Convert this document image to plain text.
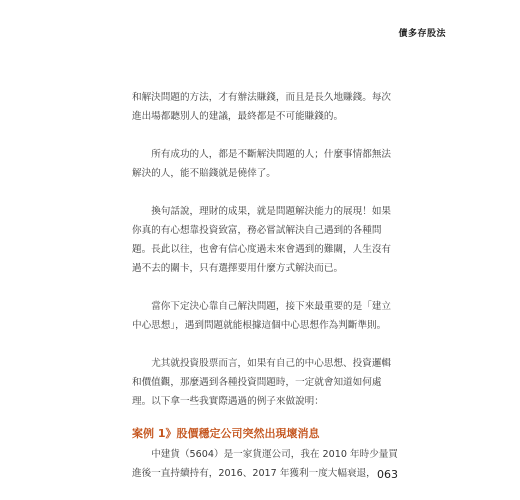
債多存股法

和解決問題的方法，才有辦法賺錢，而且是長久地賺錢。每次進出場都聽別人的建議，最終都是不可能賺錢的。

所有成功的人，都是不斷解決問題的人；什麼事情都無法解決的人，能不賠錢就是僥倖了。

換句話說，理財的成果，就是問題解決能力的展現！如果你真的有心想靠投資致富，務必嘗試解決自己遇到的各種問題。長此以往，也會有信心度過未來會遇到的難關，人生沒有過不去的關卡，只有選擇要用什麼方式解決而已。

當你下定決心靠自己解決問題，接下來最重要的是「建立中心思想」，遇到問題就能根據這個中心思想作為判斷準則。

尤其就投資股票而言，如果有自己的中心思想、投資邏輯和價值觀，那麼遇到各種投資問題時，一定就會知道如何處理。以下拿一些我實際遇過的例子來做說明：

案例 1》股價穩定公司突然出現壞消息

中建貨（5604）是一家貨運公司，我在 2010 年時少量買進後一直持續持有，2016、2017 年獲利一度大幅衰退， 063
